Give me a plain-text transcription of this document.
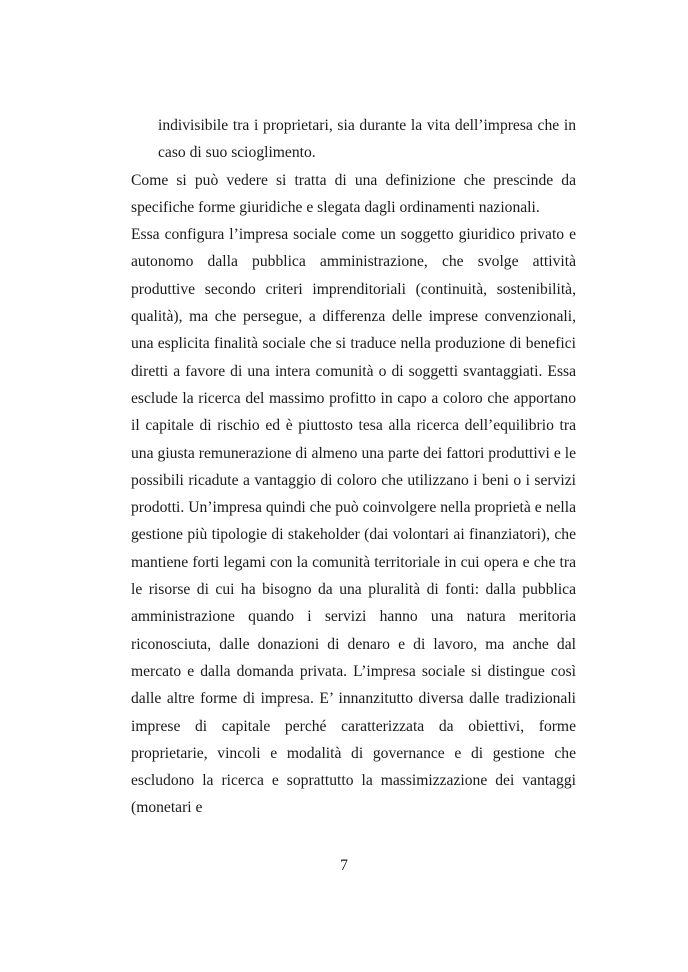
indivisibile tra i proprietari, sia durante la vita dell’impresa che in caso di suo scioglimento.

Come si può vedere si tratta di una definizione che prescinde da specifiche forme giuridiche e slegata dagli ordinamenti nazionali.

Essa configura l’impresa sociale come un soggetto giuridico privato e autonomo dalla pubblica amministrazione, che svolge attività produttive secondo criteri imprenditoriali (continuità, sostenibilità, qualità), ma che persegue, a differenza delle imprese convenzionali, una esplicita finalità sociale che si traduce nella produzione di benefici diretti a favore di una intera comunità o di soggetti svantaggiati. Essa esclude la ricerca del massimo profitto in capo a coloro che apportano il capitale di rischio ed è piuttosto tesa alla ricerca dell’equilibrio tra una giusta remunerazione di almeno una parte dei fattori produttivi e le possibili ricadute a vantaggio di coloro che utilizzano i beni o i servizi prodotti. Un’impresa quindi che può coinvolgere nella proprietà e nella gestione più tipologie di stakeholder (dai volontari ai finanziatori), che mantiene forti legami con la comunità territoriale in cui opera e che tra le risorse di cui ha bisogno da una pluralità di fonti: dalla pubblica amministrazione quando i servizi hanno una natura meritoria riconosciuta, dalle donazioni di denaro e di lavoro, ma anche dal mercato e dalla domanda privata. L’impresa sociale si distingue così dalle altre forme di impresa. E’ innanzitutto diversa dalle tradizionali imprese di capitale perché caratterizzata da obiettivi, forme proprietarie, vincoli e modalità di governance e di gestione che escludono la ricerca e soprattutto la massimizzazione dei vantaggi (monetari e

7
